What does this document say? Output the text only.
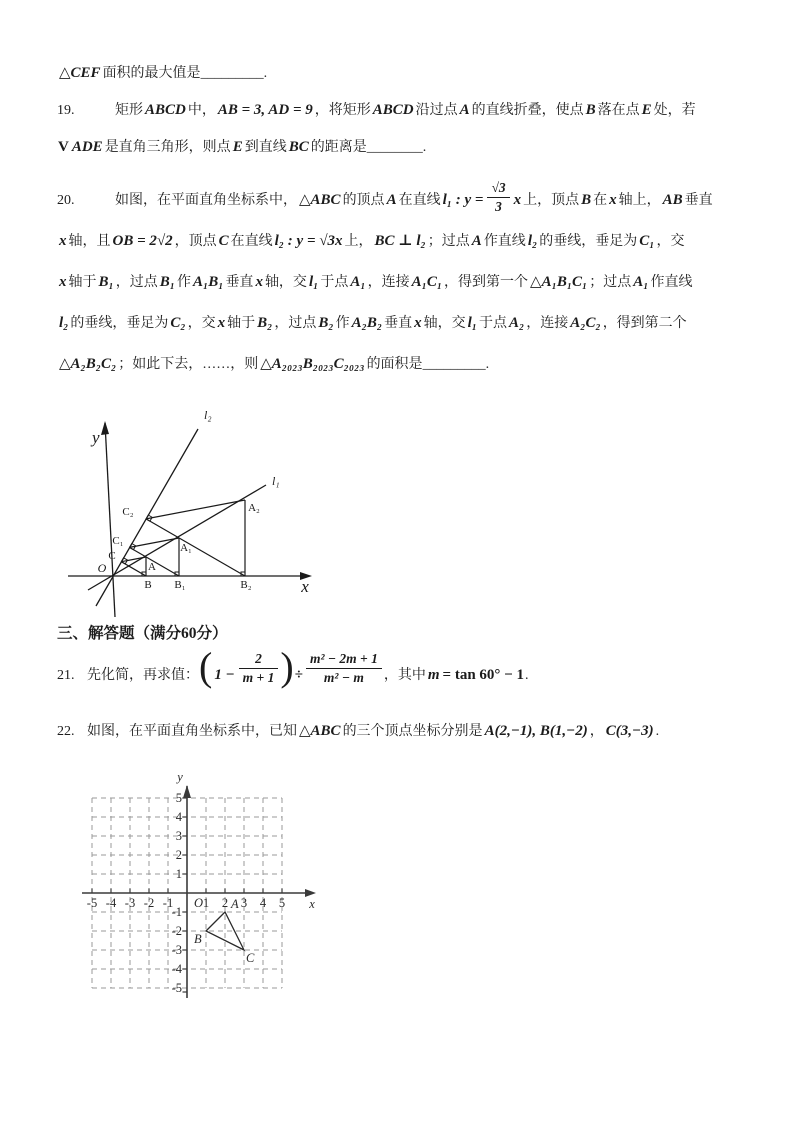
△CEF 面积的最大值是_________.
19.	矩形 ABCD 中， AB = 3, AD = 9 ，将矩形 ABCD 沿过点 A 的直线折叠，使点 B 落在点 E 处，若
V ADE 是直角三角形，则点 E 到直线 BC 的距离是________.
20.	如图，在平面直角坐标系中， △ABC 的顶点 A 在直线 l₁ : $y = \frac{√3}{3}$ x 上，顶点 B 在 x 轴上， AB 垂直
x 轴，且 OB = 2√2 ，顶点 C 在直线 l₂ : y = √3x 上， BC ⊥ l₂ ；过点 A 作直线 l₂ 的垂线，垂足为 C₁ ，交
x 轴于 B₁ ，过点 B₁ 作 A₁B₁ 垂直 x 轴，交 l₁ 于点 A₁ ，连接 A₁C₁ ，得到第一个 △A₁B₁C₁ ；过点 A₁ 作直线
l₂ 的垂线，垂足为 C₂ ，交 x 轴于 B₂ ，过点 B₂ 作 A₂B₂ 垂直 x 轴，交 l₁ 于点 A₂ ，连接 A₂C₂ ，得到第二个
△A₂B₂C₂ ；如此下去，……，则 △A₂₀₂₃B₂₀₂₃C₂₀₂₃ 的面积是_________.
y
l₂
l₁
C₂
C₁
C
A₂
A₁
A
O
B B₁	B₂	x
三、解答题（满分60分）
21. 先化简，再求值：( $1 - \frac{2}{m + 1}$ )÷ $\frac{\text{m² − 2m + 1}}{\text{m² − m}}$ ，其中 m = tan 60° − 1.
22. 如图，在平面直角坐标系中，已知 △ABC 的三个顶点坐标分别是 A(2,−1), B(1,−2) ， C(3,−3) .
-5 -4 -3 -2 -1 1 2 3 4 5
5
4
3
2
1
-1
-2
-3
-4
-5
O
y
x
A
B
C
